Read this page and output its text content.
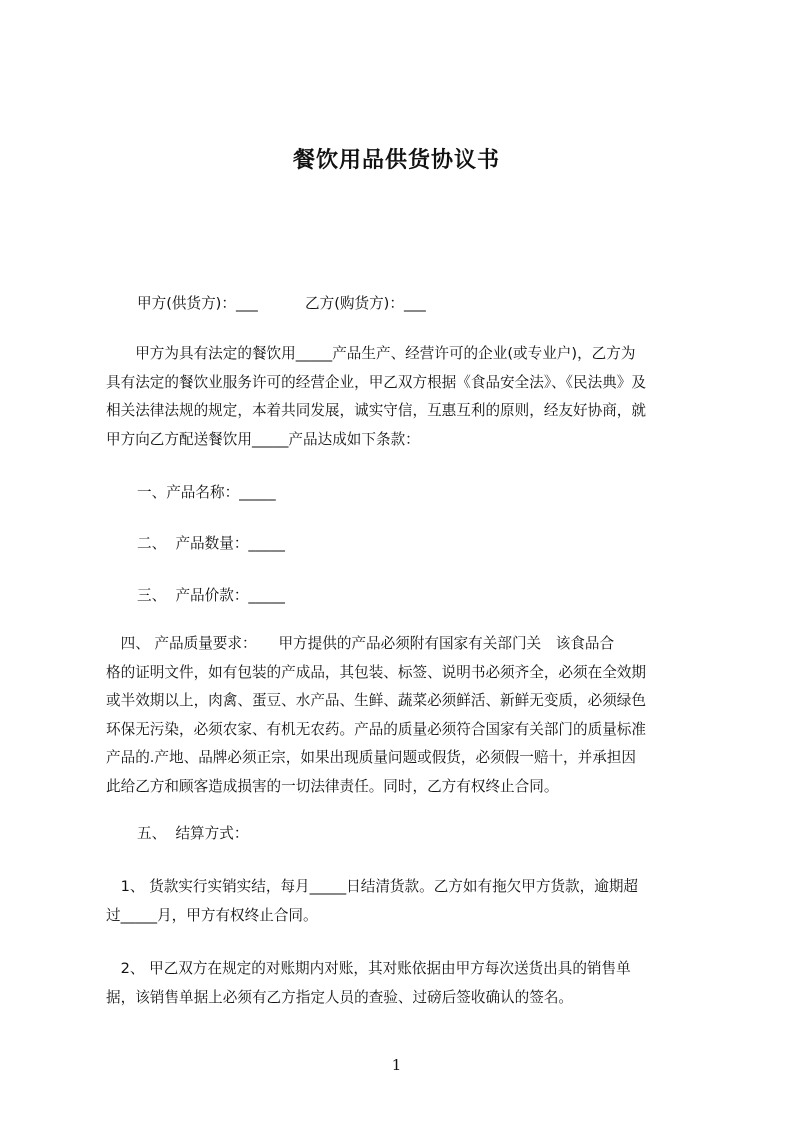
餐饮用品供货协议书
甲方(供货方)：___	乙方(购货方)：___

　　甲方为具有法定的餐饮用_____产品生产、经营许可的企业(或专业户)，乙方为

具有法定的餐饮业服务许可的经营企业，甲乙双方根据《食品安全法》、《民法典》及

相关法律法规的规定，本着共同发展，诚实守信，互惠互利的原则，经友好协商，就

甲方向乙方配送餐饮用_____产品达成如下条款：

一、产品名称：_____
二、  产品数量：_____
三、  产品价款：_____

　四、 产品质量要求：　　甲方提供的产品必须附有国家有关部门关　该食品合

格的证明文件，如有包装的产成品，其包装、标签、说明书必须齐全，必须在全效期

或半效期以上，肉禽、蛋豆、水产品、生鲜、蔬菜必须鲜活、新鲜无变质，必须绿色

环保无污染，必须农家、有机无农药。产品的质量必须符合国家有关部门的质量标准

产品的.产地、品牌必须正宗，如果出现质量问题或假货，必须假一赔十，并承担因

此给乙方和顾客造成损害的一切法律责任。同时，乙方有权终止合同。

五、  结算方式：

　1、 货款实行实销实结，每月_____日结清货款。乙方如有拖欠甲方货款，逾期超

过_____月，甲方有权终止合同。

　2、 甲乙双方在规定的对账期内对账，其对账依据由甲方每次送货出具的销售单

据，该销售单据上必须有乙方指定人员的查验、过磅后签收确认的签名。

1
